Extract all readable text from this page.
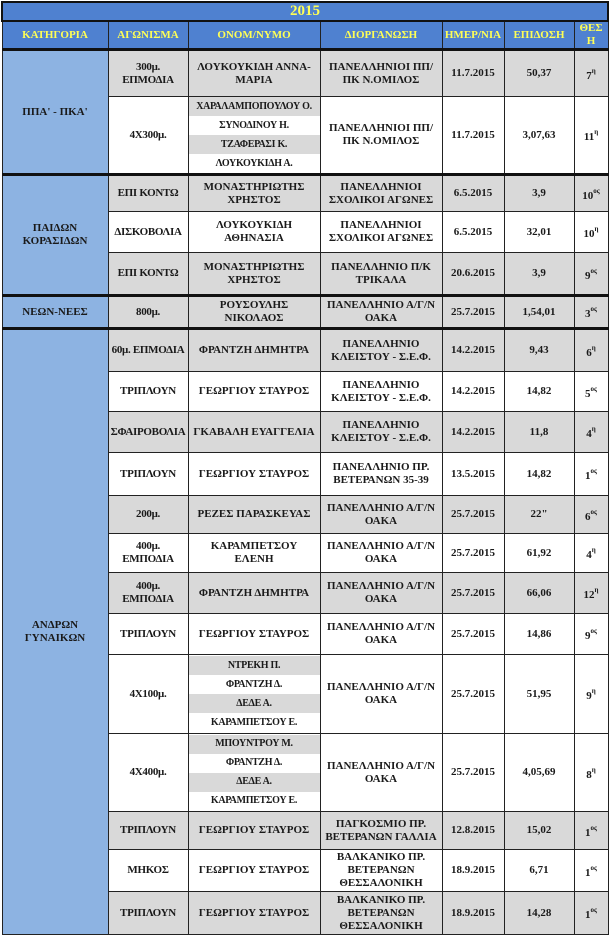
2015						
ΚΑΤΗΓΟΡΙΑ	ΑΓΩΝΙΣΜΑ	ΟΝΟΜ/ΝΥΜΟ	ΔΙΟΡΓΑΝΩΣΗ	ΗΜΕΡ/ΝΙΑ	ΕΠΙΔΟΣΗ	ΘΕΣΗ
ΠΠΑ' - ΠΚΑ'	300μ. ΕΠΜΟΔΙΑ	ΛΟΥΚΟΥΚΙΔΗ ΑΝΝΑ- ΜΑΡΙΑ	ΠΑΝΕΛΛΗΝΙΟΙ ΠΠ/ΠΚ Ν.ΟΜΙΛΟΣ	11.7.2015	50,37	$7^\eta$
	4Χ300μ.	ΧΑΡΑΛΑΜΠΟΠΟΥΛΟΥ Ο.
ΣΥΝΟΔΙΝΟΥ Η.
ΤΖΑΦΕΡΑΣΙ Κ.
ΛΟΥΚΟΥΚΙΔΗ Α.	ΠΑΝΕΛΛΗΝΙΟΙ ΠΠ/ΠΚ Ν.ΟΜΙΛΟΣ	11.7.2015	3,07,63	$11^\eta$
ΠΑΙΔΩΝ ΚΟΡΑΣΙΔΩΝ	ΕΠΙ ΚΟΝΤΩ	ΜΟΝΑΣΤΗΡΙΩΤΗΣ ΧΡΗΣΤΟΣ	ΠΑΝΕΛΛΗΝΙΟΙ ΣΧΟΛΙΚΟΙ ΑΓΩΝΕΣ	6.5.2015	3,9	$10^{o\varsigma}$
	ΔΙΣΚΟΒΟΛΙΑ	ΛΟΥΚΟΥΚΙΔΗ ΑΘΗΝΑΣΙΑ	ΠΑΝΕΛΛΗΝΙΟΙ ΣΧΟΛΙΚΟΙ ΑΓΩΝΕΣ	6.5.2015	32,01	$10^\eta$
	ΕΠΙ ΚΟΝΤΩ	ΜΟΝΑΣΤΗΡΙΩΤΗΣ ΧΡΗΣΤΟΣ	ΠΑΝΕΛΛΗΝΙΟ Π/Κ ΤΡΙΚΑΛΑ	20.6.2015	3,9	$9^{o\varsigma}$
ΝΕΩΝ-ΝΕΕΣ	800μ.	ΡΟΥΣΟΥΛΗΣ ΝΙΚΟΛΑΟΣ	ΠΑΝΕΛΛΗΝΙΟ Α/Γ/Ν ΟΑΚΑ	25.7.2015	1,54,01	$3^{o\varsigma}$
ΑΝΔΡΩΝ ΓΥΝΑΙΚΩΝ	60μ. ΕΠΜΟΔΙΑ	ΦΡΑΝΤΖΗ ΔΗΜΗΤΡΑ	ΠΑΝΕΛΛΗΝΙΟ ΚΛΕΙΣΤΟΥ - Σ.Ε.Φ.	14.2.2015	9,43	$6^\eta$
	ΤΡΙΠΛΟΥΝ	ΓΕΩΡΓΙΟΥ ΣΤΑΥΡΟΣ	ΠΑΝΕΛΛΗΝΙΟ ΚΛΕΙΣΤΟΥ - Σ.Ε.Φ.	14.2.2015	14,82	$5^{o\varsigma}$
	ΣΦΑΙΡΟΒΟΛΙΑ	ΓΚΑΒΑΛΗ ΕΥΑΓΓΕΛΙΑ	ΠΑΝΕΛΛΗΝΙΟ ΚΛΕΙΣΤΟΥ - Σ.Ε.Φ.	14.2.2015	11,8	$4^\eta$
	ΤΡΙΠΛΟΥΝ	ΓΕΩΡΓΙΟΥ ΣΤΑΥΡΟΣ	ΠΑΝΕΛΛΗΝΙΟ ΠΡ. ΒΕΤΕΡΑΝΩΝ 35-39	13.5.2015	14,82	$1^{o\varsigma}$
	200μ.	ΡΕΖΕΣ ΠΑΡΑΣΚΕΥΑΣ	ΠΑΝΕΛΛΗΝΙΟ Α/Γ/Ν ΟΑΚΑ	25.7.2015	22"	$6^{o\varsigma}$
	400μ. ΕΜΠΟΔΙΑ	ΚΑΡΑΜΠΕΤΣΟΥ ΕΛΕΝΗ	ΠΑΝΕΛΛΗΝΙΟ Α/Γ/Ν ΟΑΚΑ	25.7.2015	61,92	$4^\eta$
	400μ. ΕΜΠΟΔΙΑ	ΦΡΑΝΤΖΗ ΔΗΜΗΤΡΑ	ΠΑΝΕΛΛΗΝΙΟ Α/Γ/Ν ΟΑΚΑ	25.7.2015	66,06	$12^\eta$
	ΤΡΙΠΛΟΥΝ	ΓΕΩΡΓΙΟΥ ΣΤΑΥΡΟΣ	ΠΑΝΕΛΛΗΝΙΟ Α/Γ/Ν ΟΑΚΑ	25.7.2015	14,86	$9^{o\varsigma}$
	4Χ100μ.	ΝΤΡΕΚΗ Π.
ΦΡΑΝΤΖΗ Δ.
ΔΕΔΕ Α.
ΚΑΡΑΜΠΕΤΣΟΥ Ε.	ΠΑΝΕΛΛΗΝΙΟ Α/Γ/Ν ΟΑΚΑ	25.7.2015	51,95	$9^\eta$
	4Χ400μ.	ΜΠΟΥΝΤΡΟΥ Μ.
ΦΡΑΝΤΖΗ Δ.
ΔΕΔΕ Α.
ΚΑΡΑΜΠΕΤΣΟΥ Ε.	ΠΑΝΕΛΛΗΝΙΟ Α/Γ/Ν ΟΑΚΑ	25.7.2015	4,05,69	$8^\eta$
	ΤΡΙΠΛΟΥΝ	ΓΕΩΡΓΙΟΥ ΣΤΑΥΡΟΣ	ΠΑΓΚΟΣΜΙΟ ΠΡ. ΒΕΤΕΡΑΝΩΝ ΓΑΛΛΙΑ	12.8.2015	15,02	$1^{o\varsigma}$
	ΜΗΚΟΣ	ΓΕΩΡΓΙΟΥ ΣΤΑΥΡΟΣ	ΒΑΛΚΑΝΙΚΟ ΠΡ. ΒΕΤΕΡΑΝΩΝ ΘΕΣΣΑΛΟΝΙΚΗ	18.9.2015	6,71	$1^{o\varsigma}$
	ΤΡΙΠΛΟΥΝ	ΓΕΩΡΓΙΟΥ ΣΤΑΥΡΟΣ	ΒΑΛΚΑΝΙΚΟ ΠΡ. ΒΕΤΕΡΑΝΩΝ ΘΕΣΣΑΛΟΝΙΚΗ	18.9.2015	14,28	$1^{o\varsigma}$
